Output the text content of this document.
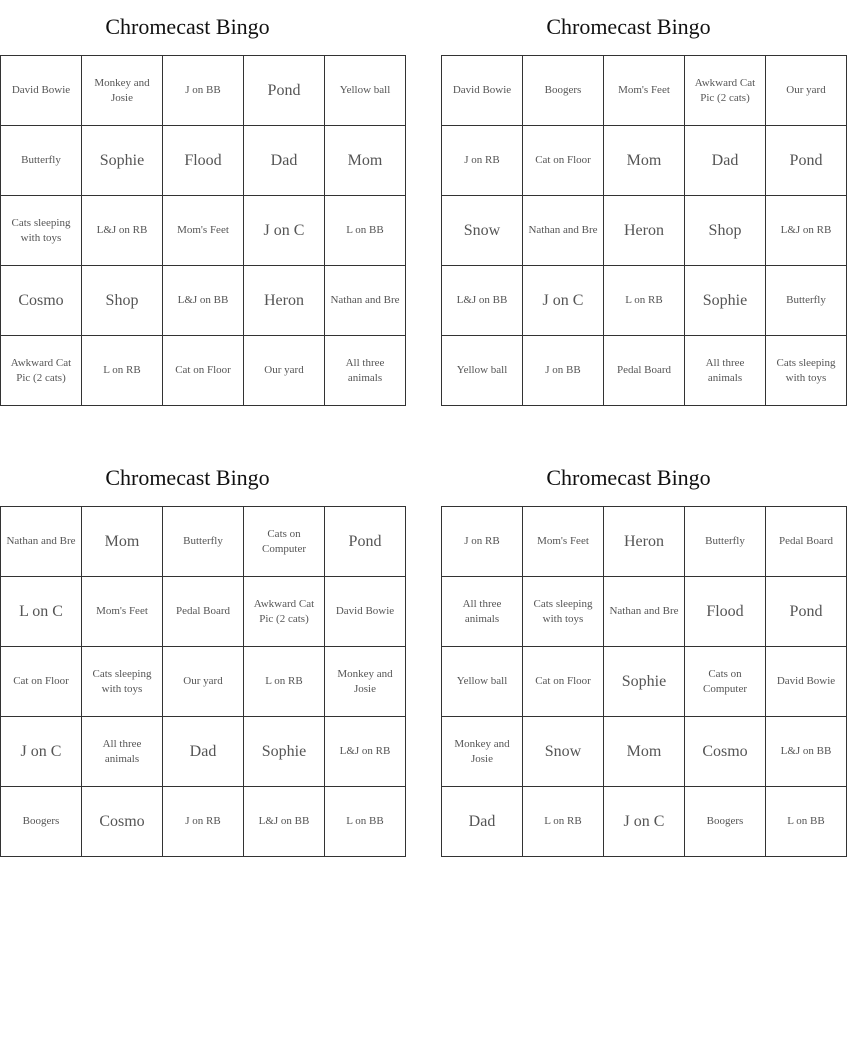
Chromecast Bingo
David Bowie	Monkey and Josie	J on BB	Pond	Yellow ball
Butterfly	Sophie	Flood	Dad	Mom
Cats sleeping with toys	L&J on RB	Mom's Feet	J on C	L on BB
Cosmo	Shop	L&J on BB	Heron	Nathan and Bre
Awkward Cat Pic (2 cats)	L on RB	Cat on Floor	Our yard	All three animals
Chromecast Bingo
David Bowie	Boogers	Mom's Feet	Awkward Cat Pic (2 cats)	Our yard
J on RB	Cat on Floor	Mom	Dad	Pond
Snow	Nathan and Bre	Heron	Shop	L&J on RB
L&J on BB	J on C	L on RB	Sophie	Butterfly
Yellow ball	J on BB	Pedal Board	All three animals	Cats sleeping with toys
Chromecast Bingo
Nathan and Bre	Mom	Butterfly	Cats on Computer	Pond
L on C	Mom's Feet	Pedal Board	Awkward Cat Pic (2 cats)	David Bowie
Cat on Floor	Cats sleeping with toys	Our yard	L on RB	Monkey and Josie
J on C	All three animals	Dad	Sophie	L&J on RB
Boogers	Cosmo	J on RB	L&J on BB	L on BB
Chromecast Bingo
J on RB	Mom's Feet	Heron	Butterfly	Pedal Board
All three animals	Cats sleeping with toys	Nathan and Bre	Flood	Pond
Yellow ball	Cat on Floor	Sophie	Cats on Computer	David Bowie
Monkey and Josie	Snow	Mom	Cosmo	L&J on BB
Dad	L on RB	J on C	Boogers	L on BB
